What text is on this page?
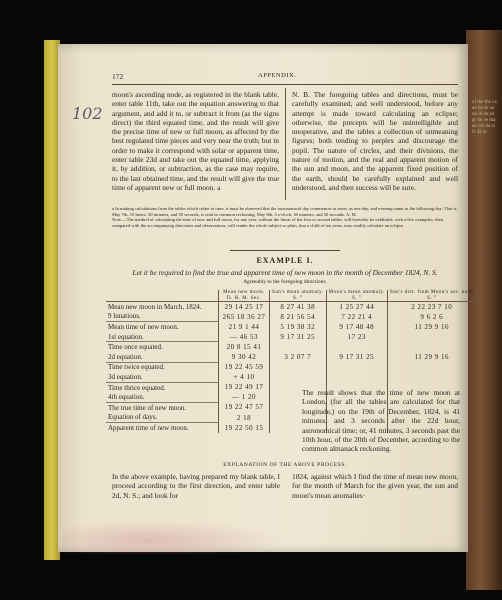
of the the ca an ho fo sa on in on ye gr ne ve ma an wh da ta fr 43 m
172	APPENDIX.
102

moon's ascending node, as registered in the blank table, enter table 11th, take out the equation answering to that argument, and add it to, or subtract it from (as the signs direct) the third equated time, and the result will give the precise time of new or full moon, as affected by the best regulated time pieces and very near the truth; but in order to make it correspond with solar or apparent time, enter table 23d and take out the equated time, applying it, by addition, or subtraction, as the case may require, to the last obtained time, and the result will give the true time of apparent new or full moon. a

N. B. The foregoing tables and directions, must be carefully examined, and well understood, before any attempt is made toward calculating an eclipse; otherwise, the precepts will be unintelligible and unoperative, and the tables a collection of unmeaning figures; both tending to perplex and discourage the pupil. The nature of circles, and their divisions, the nature of motion, and the real and apparent motion of the sun and moon, and the apparent fixed position of the earth, should be carefully explained and well understood, and then success will be sure.

a In making calculations from the tables which relate to time, it must be observed that the astronomical day commences at noon, as one day, and evening same as the following day. That is, May 7th, 15 hours, 30 minutes, and 50 seconds, is read in common reckoning, May 8th, 3 o'clock, 30 minutes, and 50 seconds, A. M.

Note.—The method of calculating the time of new and full moon, for any year, without the limits of the first or second tables, will hereafter be exhibited, with a few examples; then, compared with the accompanying directions and observations, will render the whole subject so plain, that a child of ten years, may readily calculate an eclipse.

EXAMPLE I.
Let it be required to find the true and apparent time of new moon in the month of December 1824, N. S.
Agreeably to the foregoing directions.
	Mean new moon.
D. H. M. Sec.	Sun's mean anomaly.
S. °	Moon's mean anomaly.
S. °	Sun's dist. from Moon's asc. node
S. °
Mean new moon in March, 1824.	29 14 25 17	8 27 41 38	1 25 27 44	2 22 23 7 10
9 lunations.	265 18 36 27	8 21 56 54	7 22 21 4	9 6 2 6
Mean time of new moon.	21 9 1 44	5 19 38 32	9 17 48 48	11 29 9 16
1st equation.	— 46 53	9 17 31 25	17 23	
Time once equated.	20 8 15 41			
2d equation.	9 30 42	3 2 07 7	9 17 31 25	11 29 9 16
Time twice equated.	19 22 45 59			
3d equation.	+ 4 10			
Time thrice equated.	19 22 49 17			
4th equation.	— 1 20			
The true time of new moon.	19 22 47 57			
Equation of days.	2 18			
Apparent time of new moon.	19 22 50 15			

The result shows that the time of new moon at London, (for all the tables are calculated for that longitude,) on the 19th of December, 1824, is 41 minutes, and 3 seconds after the 22d hour, astronomical time; or, 41 minutes, 3 seconds past the 10th hour, of the 20th of December, according to the common almanack reckoning.

EXPLANATION OF THE ABOVE PROCESS.

In the above example, having prepared my blank table, I proceed according to the first direction, and enter table 2d, N. S.; and look for

1824, against which I find the time of mean new moon, for the month of March for the given year, the sun and moon's mean anomalies·
